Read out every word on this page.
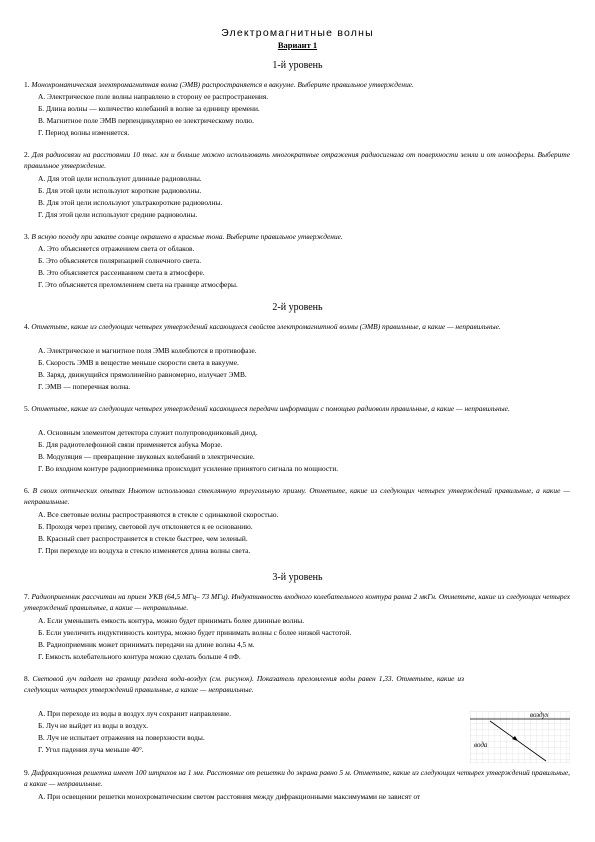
Электромагнитные волны
Вариант 1
1-й уровень
1. Монохроматическая электромагнитная волна (ЭМВ) распространяется в вакууме. Выберите правильное утверждение.
А. Электрическое поле волны направлено в сторону ее распространения.
Б. Длина волны — количество колебаний в волне за единицу времени.
В. Магнитное поле ЭМВ перпендикулярно ее электрическому полю.
Г. Период волны изменяется.
2. Для радиосвязи на расстоянии 10 тыс. км и больше можно использовать многократные отражения радиосигнала от поверхности земли и от ионосферы. Выберите правильное утверждение.
А. Для этой цели используют длинные радиоволны.
Б. Для этой цели используют короткие радиоволны.
В. Для этой цели используют ультракороткие радиоволны.
Г. Для этой цели используют средние радиоволны.
3. В ясную погоду при закате солнце окрашено в красные тона. Выберите правильное утверждение.
А. Это объясняется отражением света от облаков.
Б. Это объясняется поляризацией солнечного света.
В. Это объясняется рассеиванием света в атмосфере.
Г. Это объясняется преломлением света на границе атмосферы.
2-й уровень
4. Отметьте, какие из следующих четырех утверждений касающиеся свойств электромагнитной волны (ЭМВ) правильные, а какие — неправильные.
А. Электрическое и магнитное поля ЭМВ колеблются в противофазе.
Б. Скорость ЭМВ в веществе меньше скорости света в вакууме.
В. Заряд, движущийся прямолинейно равномерно, излучает ЭМВ.
Г. ЭМВ — поперечная волна.
5. Отметьте, какие из следующих четырех утверждений касающиеся передачи информации с помощью радиоволн правильные, а какие — неправильные.
А. Основным элементом детектора служит полупроводниковый диод.
Б. Для радиотелефонной связи применяется азбука Морзе.
В. Модуляция — превращение звуковых колебаний в электрические.
Г. Во входном контуре радиоприемника происходит усиление принятого сигнала по мощности.
6. В своих оптических опытах Ньютон использовал стеклянную треугольную призму. Отметьте, какие из следующих четырех утверждений правильные, а какие — неправильные.
А. Все световые волны распространяются в стекле с одинаковой скоростью.
Б. Проходя через призму, световой луч отклоняется к ее основанию.
В. Красный свет распространяется в стекле быстрее, чем зеленый.
Г. При переходе из воздуха в стекло изменяется длина волны света.
3-й уровень
7. Радиоприемник рассчитан на прием УКВ (64,5 МГц– 73 МГц). Индуктивность входного колебательного контура равна 2 мкГн. Отметьте, какие из следующих четырех утверждений правильные, а какие — неправильные.
А. Если уменьшить емкость контура, можно будет принимать более длинные волны.
Б. Если увеличить индуктивность контура, можно будет принимать волны с более низкой частотой.
В. Радиоприемник может принимать передачи на длине волны 4,5 м.
Г. Емкость колебательного контура можно сделать больше 4 пФ.
8. Световой луч падает на границу раздела вода-воздух (см. рисунок). Показатель преломления воды равен 1,33. Отметьте, какие из следующих четырех утверждений правильные, а какие — неправильные.
А. При переходе из воды в воздух луч сохранит направление.
Б. Луч не выйдет из воды в воздух.
В. Луч не испытает отражения на поверхности воды.
Г. Угол падения луча меньше 40°.
воздух
вода
9. Дифракционная решетка имеет 100 штрихов на 1 мм. Расстояние от решетки до экрана равно 5 м. Отметьте, какие из следующих четырех утверждений правильные, а какие — неправильные.
А. При освещении решетки монохроматическим светом расстояния между дифракционными максимумами не зависят от
